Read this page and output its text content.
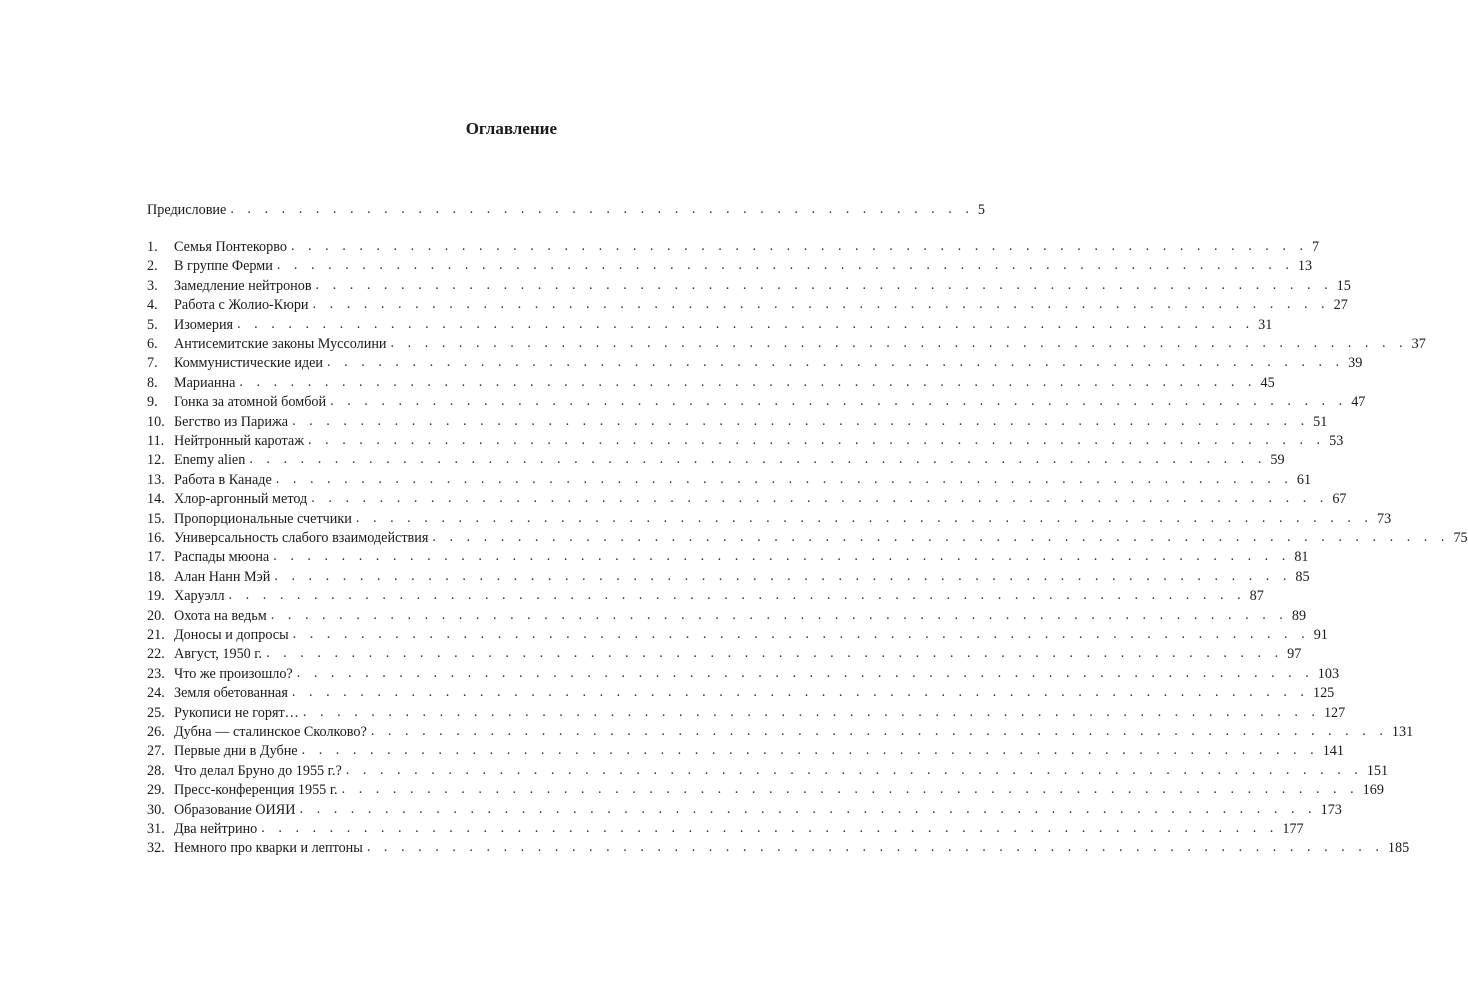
Оглавление
Предисловие . . . . . . . . . . . . . . . . . . . . . . . . . . . . . . . . . . . . . . . . . . . . 5
1.	Семья Понтекорво . . . . . . . . . . . . . . . . . . . . . . . . . . . . . . . . . . . . . . . . . . . . . . . . . . . . . . . . . . . . 7
2.	В группе Ферми . . . . . . . . . . . . . . . . . . . . . . . . . . . . . . . . . . . . . . . . . . . . . . . . . . . . . . . . . . . . 13
3.	Замедление нейтронов . . . . . . . . . . . . . . . . . . . . . . . . . . . . . . . . . . . . . . . . . . . . . . . . . . . . . . . . . . . . 15
4.	Работа с Жолио-Кюри . . . . . . . . . . . . . . . . . . . . . . . . . . . . . . . . . . . . . . . . . . . . . . . . . . . . . . . . . . . . 27
5.	Изомерия . . . . . . . . . . . . . . . . . . . . . . . . . . . . . . . . . . . . . . . . . . . . . . . . . . . . . . . . . . . . 31
6.	Антисемитские законы Муссолини . . . . . . . . . . . . . . . . . . . . . . . . . . . . . . . . . . . . . . . . . . . . . . . . . . . . . . . . . . . . 37
7.	Коммунистические идеи . . . . . . . . . . . . . . . . . . . . . . . . . . . . . . . . . . . . . . . . . . . . . . . . . . . . . . . . . . . . 39
8.	Марианна . . . . . . . . . . . . . . . . . . . . . . . . . . . . . . . . . . . . . . . . . . . . . . . . . . . . . . . . . . . . 45
9.	Гонка за атомной бомбой . . . . . . . . . . . . . . . . . . . . . . . . . . . . . . . . . . . . . . . . . . . . . . . . . . . . . . . . . . . . 47
10. Бегство из Парижа . . . . . . . . . . . . . . . . . . . . . . . . . . . . . . . . . . . . . . . . . . . . . . . . . . . . . . . . . . . . 51
11. Нейтронный каротаж . . . . . . . . . . . . . . . . . . . . . . . . . . . . . . . . . . . . . . . . . . . . . . . . . . . . . . . . . . . . 53
12. Enemy alien . . . . . . . . . . . . . . . . . . . . . . . . . . . . . . . . . . . . . . . . . . . . . . . . . . . . . . . . . . . . 59
13. Работа в Канаде . . . . . . . . . . . . . . . . . . . . . . . . . . . . . . . . . . . . . . . . . . . . . . . . . . . . . . . . . . . . 61
14. Хлор-аргонный метод . . . . . . . . . . . . . . . . . . . . . . . . . . . . . . . . . . . . . . . . . . . . . . . . . . . . . . . . . . . . 67
15. Пропорциональные счетчики . . . . . . . . . . . . . . . . . . . . . . . . . . . . . . . . . . . . . . . . . . . . . . . . . . . . . . . . . . . . 73
16. Универсальность слабого взаимодействия . . . . . . . . . . . . . . . . . . . . . . . . . . . . . . . . . . . . . . . . . . . . . . . . . . . . . . . . . . . . 75
17. Распады мюона . . . . . . . . . . . . . . . . . . . . . . . . . . . . . . . . . . . . . . . . . . . . . . . . . . . . . . . . . . . . 81
18. Алан Нанн Мэй . . . . . . . . . . . . . . . . . . . . . . . . . . . . . . . . . . . . . . . . . . . . . . . . . . . . . . . . . . . . 85
19. Харуэлл . . . . . . . . . . . . . . . . . . . . . . . . . . . . . . . . . . . . . . . . . . . . . . . . . . . . . . . . . . . . 87
20. Охота на ведьм . . . . . . . . . . . . . . . . . . . . . . . . . . . . . . . . . . . . . . . . . . . . . . . . . . . . . . . . . . . . 89
21. Доносы и допросы . . . . . . . . . . . . . . . . . . . . . . . . . . . . . . . . . . . . . . . . . . . . . . . . . . . . . . . . . . . . 91
22. Август, 1950 г. . . . . . . . . . . . . . . . . . . . . . . . . . . . . . . . . . . . . . . . . . . . . . . . . . . . . . . . . . . . . 97
23. Что же произошло? . . . . . . . . . . . . . . . . . . . . . . . . . . . . . . . . . . . . . . . . . . . . . . . . . . . . . . . . . . . . 103
24. Земля обетованная . . . . . . . . . . . . . . . . . . . . . . . . . . . . . . . . . . . . . . . . . . . . . . . . . . . . . . . . . . . . 125
25. Рукописи не горят… . . . . . . . . . . . . . . . . . . . . . . . . . . . . . . . . . . . . . . . . . . . . . . . . . . . . . . . . . . . . 127
26. Дубна — сталинское Сколково? . . . . . . . . . . . . . . . . . . . . . . . . . . . . . . . . . . . . . . . . . . . . . . . . . . . . . . . . . . . . 131
27. Первые дни в Дубне . . . . . . . . . . . . . . . . . . . . . . . . . . . . . . . . . . . . . . . . . . . . . . . . . . . . . . . . . . . . 141
28. Что делал Бруно до 1955 г.? . . . . . . . . . . . . . . . . . . . . . . . . . . . . . . . . . . . . . . . . . . . . . . . . . . . . . . . . . . . . 151
29. Пресс-конференция 1955 г. . . . . . . . . . . . . . . . . . . . . . . . . . . . . . . . . . . . . . . . . . . . . . . . . . . . . . . . . . . . . 169
30. Образование ОИЯИ . . . . . . . . . . . . . . . . . . . . . . . . . . . . . . . . . . . . . . . . . . . . . . . . . . . . . . . . . . . . 173
31. Два нейтрино . . . . . . . . . . . . . . . . . . . . . . . . . . . . . . . . . . . . . . . . . . . . . . . . . . . . . . . . . . . . 177
32. Немного про кварки и лептоны . . . . . . . . . . . . . . . . . . . . . . . . . . . . . . . . . . . . . . . . . . . . . . . . . . . . . . . . . . . . 185
